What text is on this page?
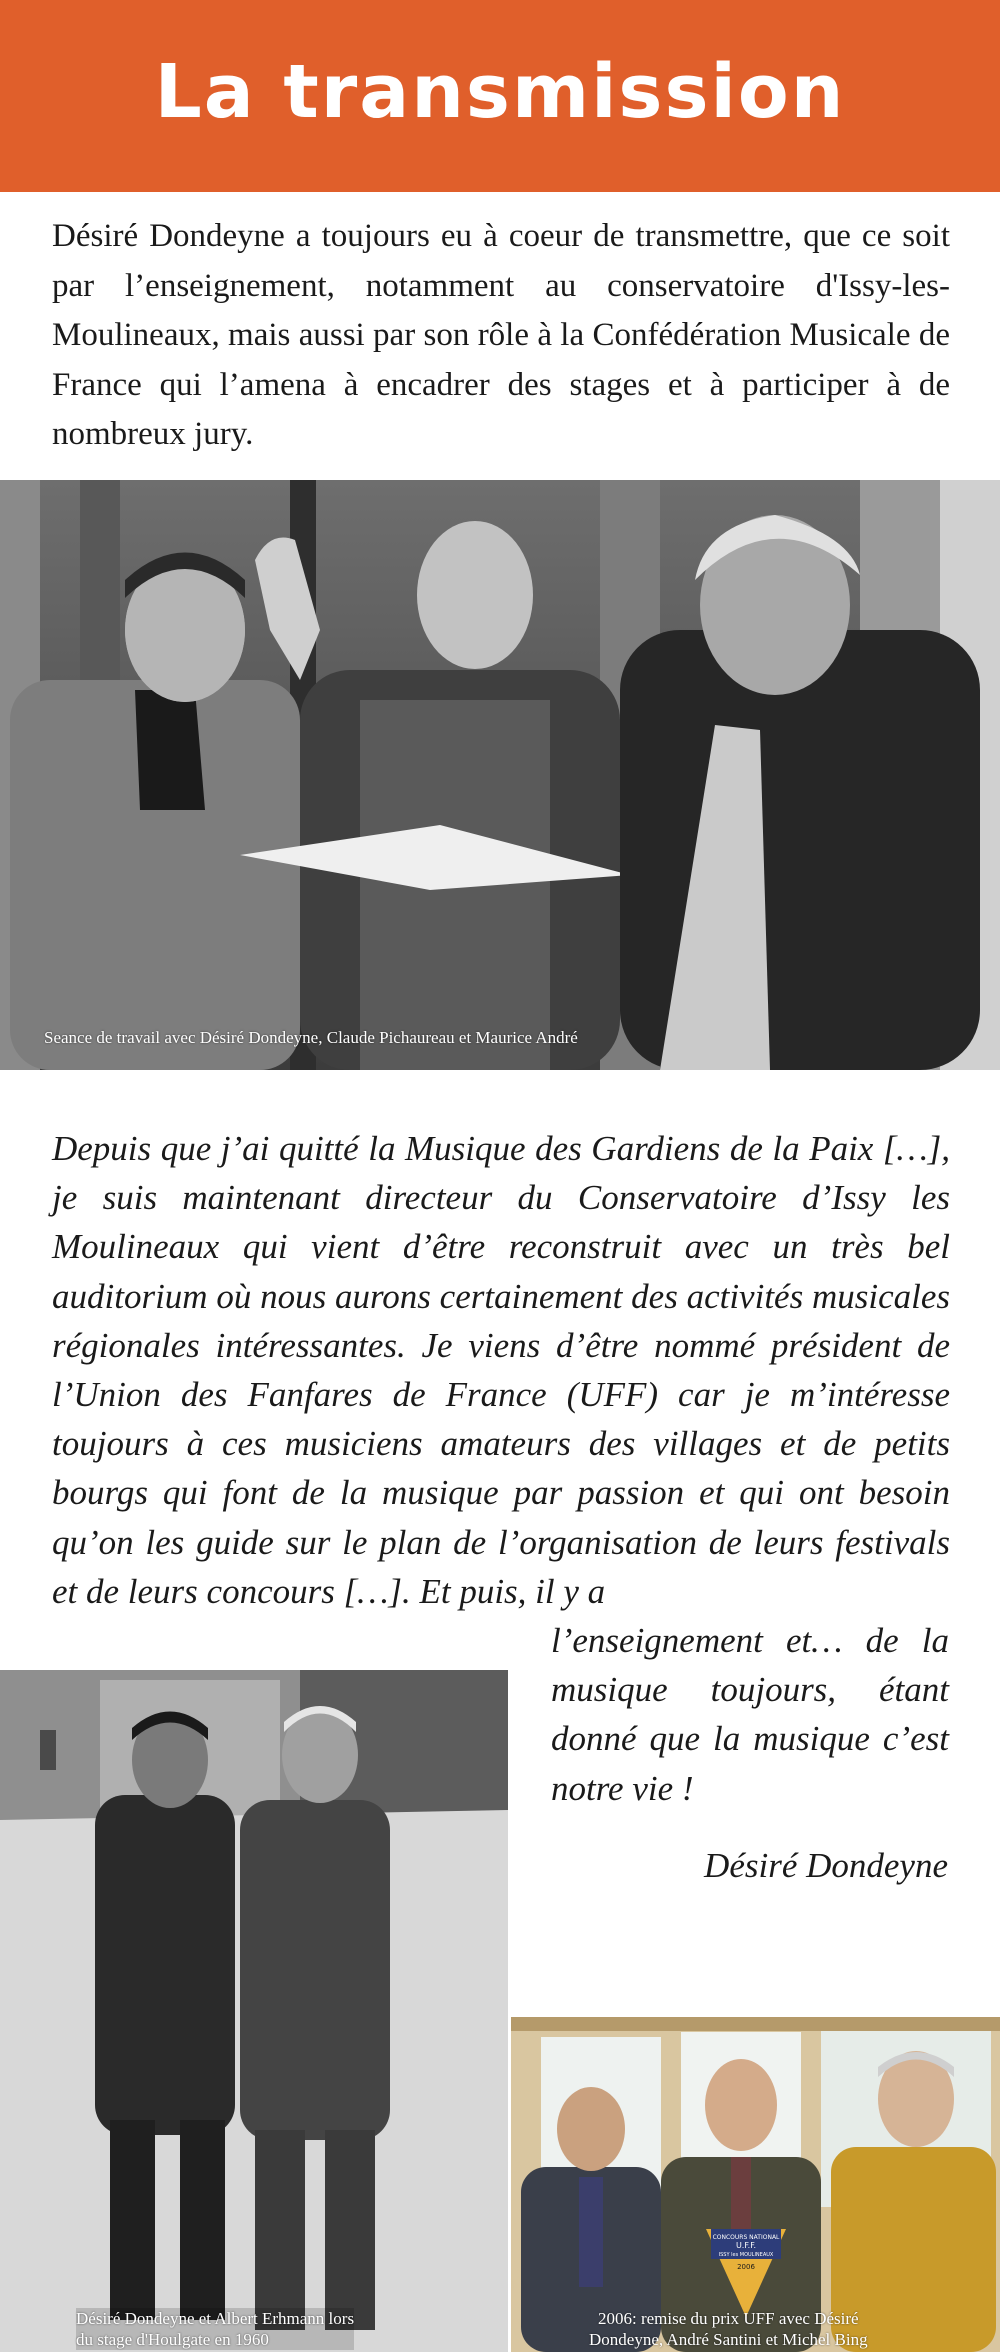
La transmission

Désiré Dondeyne a toujours eu à coeur de transmettre, que ce soit par l’enseignement, notamment au conservatoire d'Issy-les-Moulineaux, mais aussi par son rôle à la Confédération Musicale de France qui l’amena à encadrer des stages et à participer à de nombreux jury.

Seance de travail avec Désiré Dondeyne, Claude Pichaureau et Maurice André

Depuis que j’ai quitté la Musique des Gardiens de la Paix […], je suis maintenant directeur du Conservatoire d’Issy les Moulineaux qui vient d’être reconstruit avec un très bel auditorium où nous aurons certainement des activités musicales régionales intéressantes. Je viens d’être nommé président de l’Union des Fanfares de France (UFF) car je m’intéresse toujours à ces musiciens amateurs des villages et de petits bourgs qui font de la musique par passion et qui ont besoin qu’on les guide sur le plan de l’organisation de leurs festivals et de leurs concours […]. Et puis, il y a

Désiré Dondeyne et Albert Erhmann lors
du stage d'Houlgate en 1960

l’enseignement et… de la musique toujours, étant donné que la musique c’est notre vie !

Désiré Dondeyne

CONCOURS NATIONAL
U.F.F.
ISSY les MOULINEAUX
2006
2006: remise du prix UFF avec Désiré
Dondeyne, André Santini et Michel Bing
